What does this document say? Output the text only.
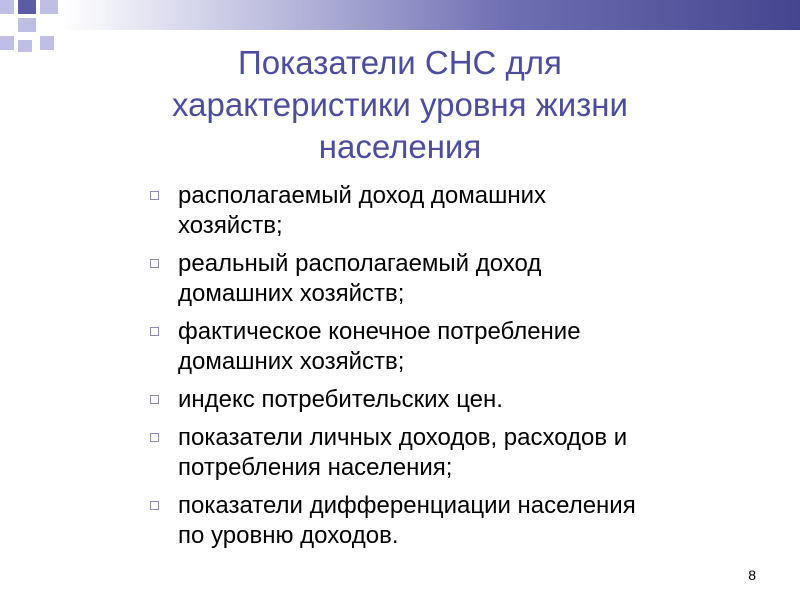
Показатели СНС для
характеристики уровня жизни
населения
располагаемый доход домашних
хозяйств;
реальный располагаемый доход
домашних хозяйств;
фактическое конечное потребление
домашних хозяйств;
индекс потребительских цен.
показатели личных доходов, расходов и
потребления населения;
показатели дифференциации населения
по уровню доходов.
8
